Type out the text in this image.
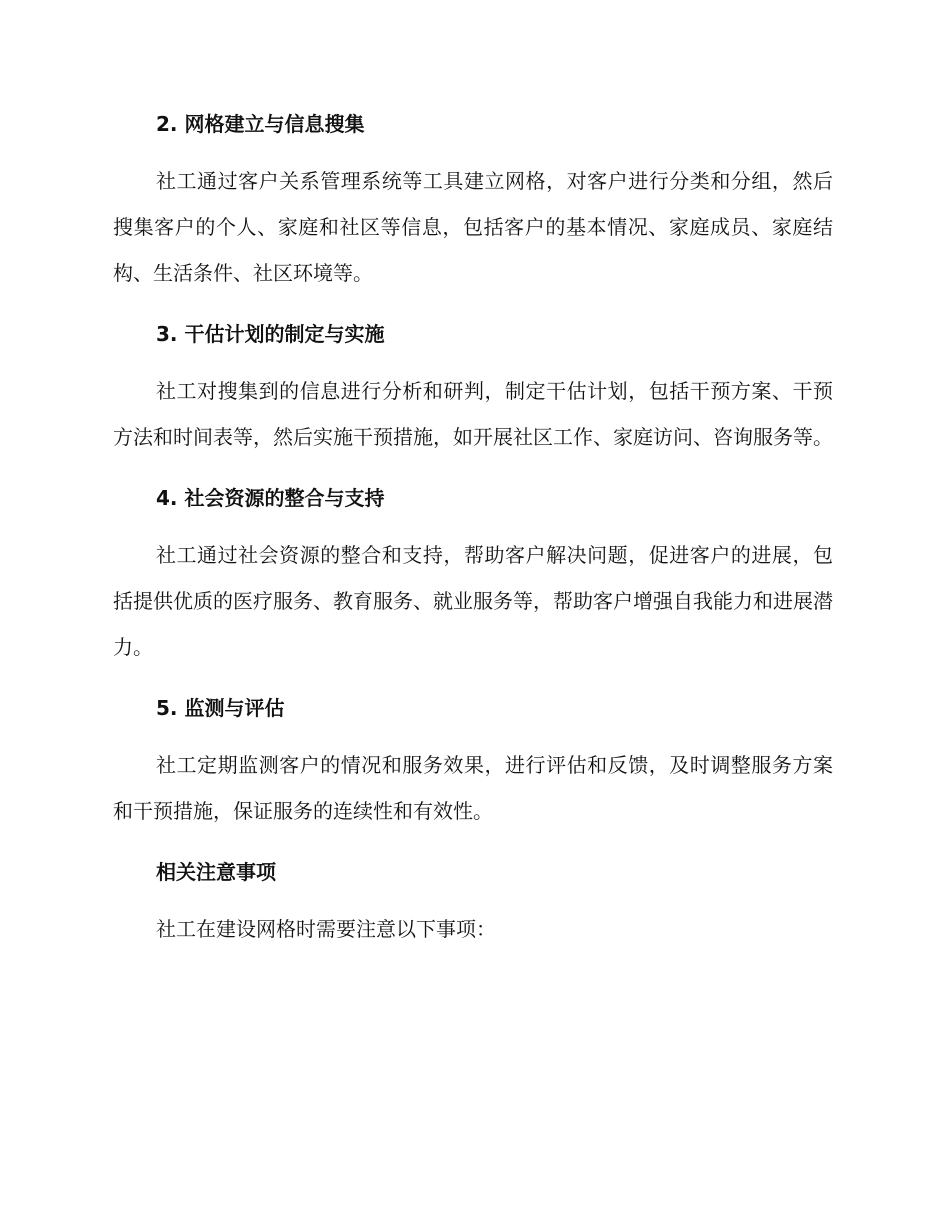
2. 网格建立与信息搜集

社工通过客户关系管理系统等工具建立网格，对客户进行分类和分组，然后搜集客户的个人、家庭和社区等信息，包括客户的基本情况、家庭成员、家庭结构、生活条件、社区环境等。

3. 干估计划的制定与实施

社工对搜集到的信息进行分析和研判，制定干估计划，包括干预方案、干预方法和时间表等，然后实施干预措施，如开展社区工作、家庭访问、咨询服务等。

4. 社会资源的整合与支持

社工通过社会资源的整合和支持，帮助客户解决问题，促进客户的进展，包括提供优质的医疗服务、教育服务、就业服务等，帮助客户增强自我能力和进展潜力。

5. 监测与评估

社工定期监测客户的情况和服务效果，进行评估和反馈，及时调整服务方案和干预措施，保证服务的连续性和有效性。

相关注意事项

社工在建设网格时需要注意以下事项：
